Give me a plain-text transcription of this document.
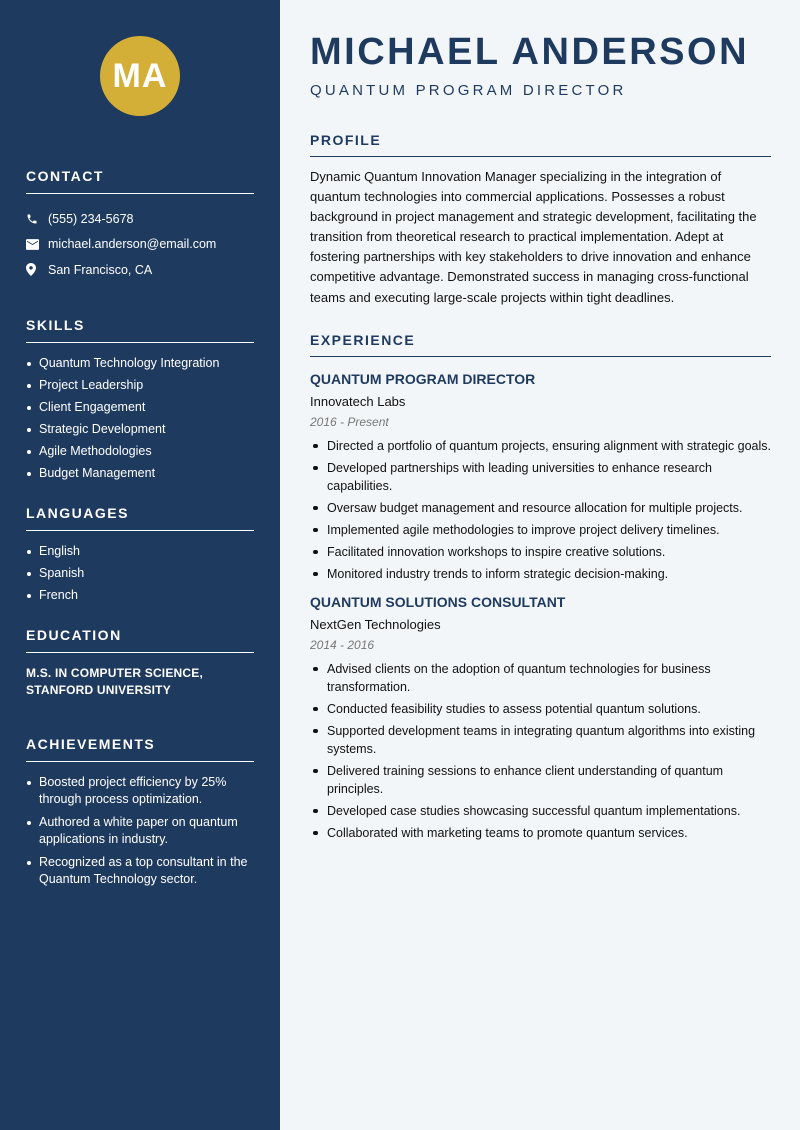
MA
CONTACT
(555) 234-5678
michael.anderson@email.com
San Francisco, CA
SKILLS
Quantum Technology Integration
Project Leadership
Client Engagement
Strategic Development
Agile Methodologies
Budget Management
LANGUAGES
English
Spanish
French
EDUCATION
M.S. IN COMPUTER SCIENCE, STANFORD UNIVERSITY
ACHIEVEMENTS
Boosted project efficiency by 25% through process optimization.
Authored a white paper on quantum applications in industry.
Recognized as a top consultant in the Quantum Technology sector.
MICHAEL ANDERSON
QUANTUM PROGRAM DIRECTOR
PROFILE

Dynamic Quantum Innovation Manager specializing in the integration of quantum technologies into commercial applications. Possesses a robust background in project management and strategic development, facilitating the transition from theoretical research to practical implementation. Adept at fostering partnerships with key stakeholders to drive innovation and enhance competitive advantage. Demonstrated success in managing cross-functional teams and executing large-scale projects within tight deadlines.

EXPERIENCE
QUANTUM PROGRAM DIRECTOR
Innovatech Labs
2016 - Present
Directed a portfolio of quantum projects, ensuring alignment with strategic goals.
Developed partnerships with leading universities to enhance research capabilities.
Oversaw budget management and resource allocation for multiple projects.
Implemented agile methodologies to improve project delivery timelines.
Facilitated innovation workshops to inspire creative solutions.
Monitored industry trends to inform strategic decision-making.
QUANTUM SOLUTIONS CONSULTANT
NextGen Technologies
2014 - 2016
Advised clients on the adoption of quantum technologies for business transformation.
Conducted feasibility studies to assess potential quantum solutions.
Supported development teams in integrating quantum algorithms into existing systems.
Delivered training sessions to enhance client understanding of quantum principles.
Developed case studies showcasing successful quantum implementations.
Collaborated with marketing teams to promote quantum services.
